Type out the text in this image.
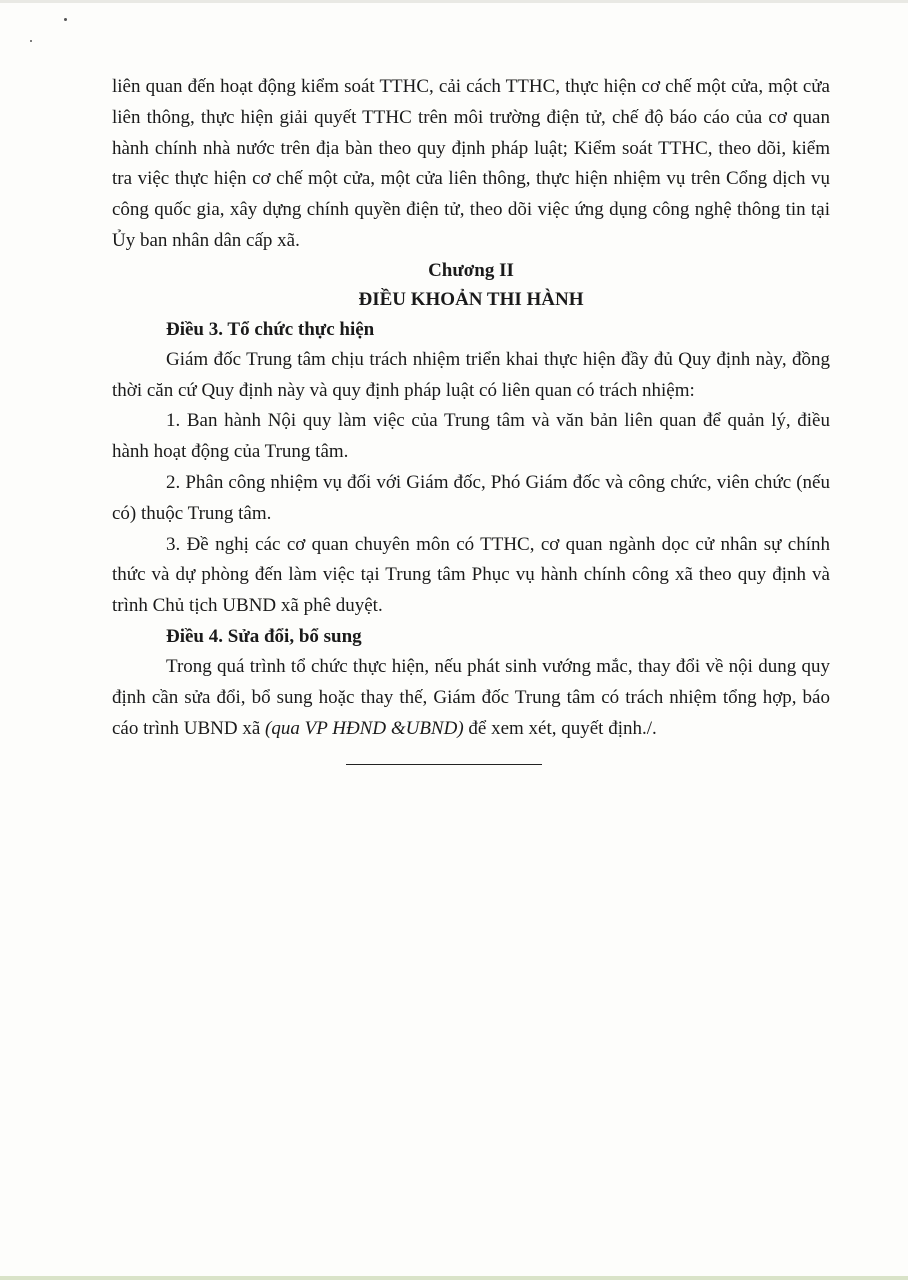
liên quan đến hoạt động kiểm soát TTHC, cải cách TTHC, thực hiện cơ chế một cửa, một cửa liên thông, thực hiện giải quyết TTHC trên môi trường điện tử, chế độ báo cáo của cơ quan hành chính nhà nước trên địa bàn theo quy định pháp luật; Kiểm soát TTHC, theo dõi, kiểm tra việc thực hiện cơ chế một cửa, một cửa liên thông, thực hiện nhiệm vụ trên Cổng dịch vụ công quốc gia, xây dựng chính quyền điện tử, theo dõi việc ứng dụng công nghệ thông tin tại Ủy ban nhân dân cấp xã.

Chương II

ĐIỀU KHOẢN THI HÀNH

Điều 3. Tổ chức thực hiện

Giám đốc Trung tâm chịu trách nhiệm triển khai thực hiện đầy đủ Quy định này, đồng thời căn cứ Quy định này và quy định pháp luật có liên quan có trách nhiệm:

1. Ban hành Nội quy làm việc của Trung tâm và văn bản liên quan để quản lý, điều hành hoạt động của Trung tâm.

2. Phân công nhiệm vụ đối với Giám đốc, Phó Giám đốc và công chức, viên chức (nếu có) thuộc Trung tâm.

3. Đề nghị các cơ quan chuyên môn có TTHC, cơ quan ngành dọc cử nhân sự chính thức và dự phòng đến làm việc tại Trung tâm Phục vụ hành chính công xã theo quy định và trình Chủ tịch UBND xã phê duyệt.

Điều 4. Sửa đổi, bổ sung

Trong quá trình tổ chức thực hiện, nếu phát sinh vướng mắc, thay đổi về nội dung quy định cần sửa đổi, bổ sung hoặc thay thế, Giám đốc Trung tâm có trách nhiệm tổng hợp, báo cáo trình UBND xã (qua VP HĐND &UBND) để xem xét, quyết định./.
